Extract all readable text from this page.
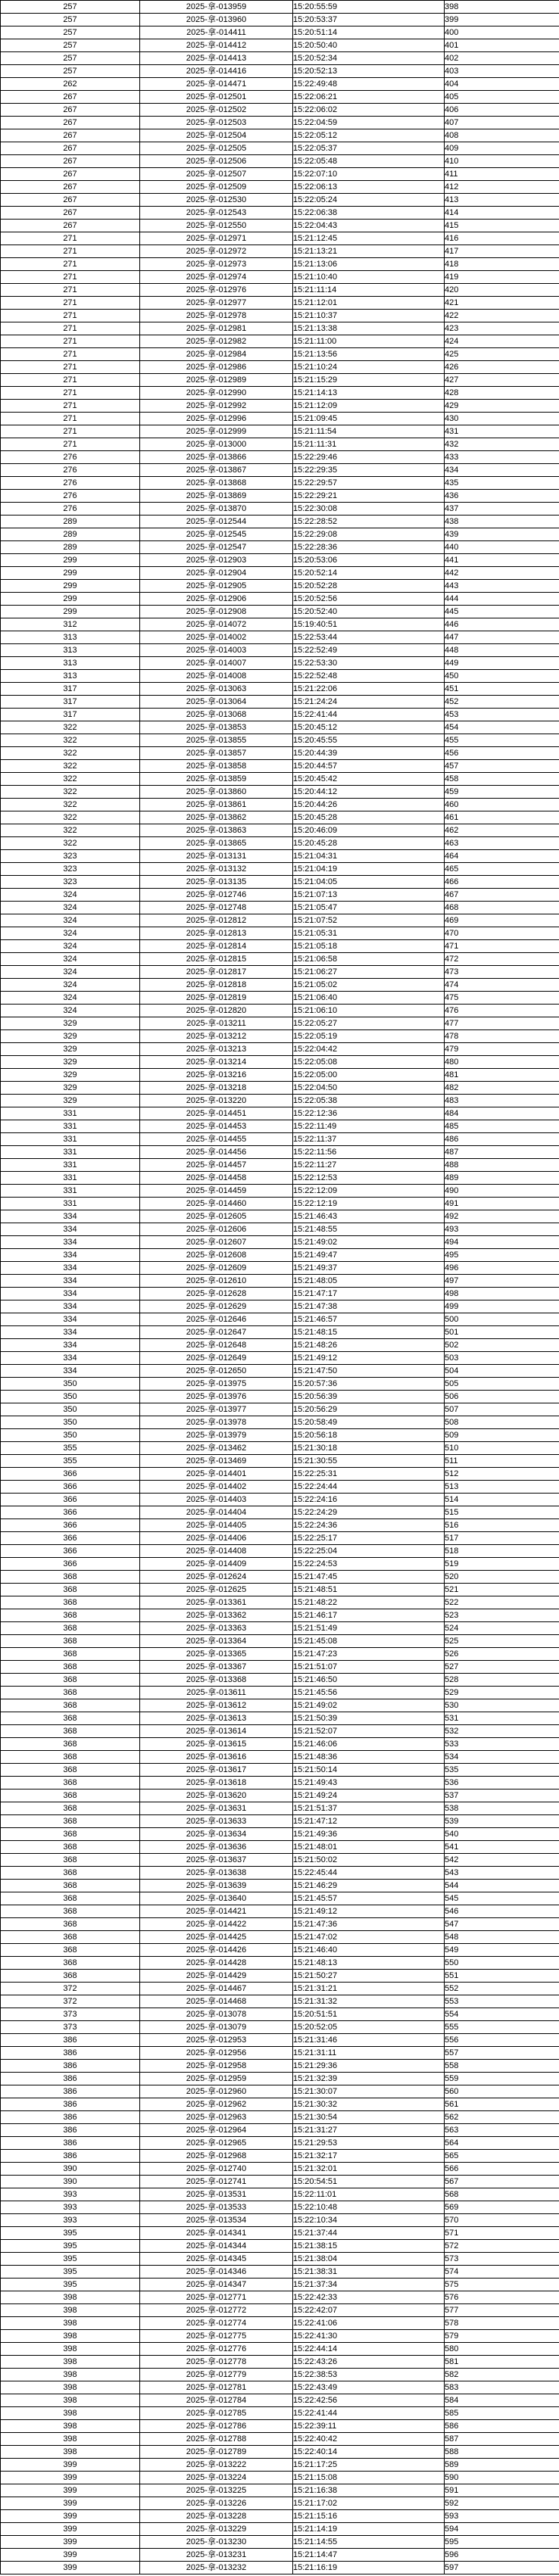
257	2025-拿-013959	15:20:55:59	398
257	2025-拿-013960	15:20:53:37	399
257	2025-拿-014411	15:20:51:14	400
257	2025-拿-014412	15:20:50:40	401
257	2025-拿-014413	15:20:52:34	402
257	2025-拿-014416	15:20:52:13	403
262	2025-拿-014471	15:22:49:48	404
267	2025-拿-012501	15:22:06:21	405
267	2025-拿-012502	15:22:06:02	406
267	2025-拿-012503	15:22:04:59	407
267	2025-拿-012504	15:22:05:12	408
267	2025-拿-012505	15:22:05:37	409
267	2025-拿-012506	15:22:05:48	410
267	2025-拿-012507	15:22:07:10	411
267	2025-拿-012509	15:22:06:13	412
267	2025-拿-012530	15:22:05:24	413
267	2025-拿-012543	15:22:06:38	414
267	2025-拿-012550	15:22:04:43	415
271	2025-拿-012971	15:21:12:45	416
271	2025-拿-012972	15:21:13:21	417
271	2025-拿-012973	15:21:13:06	418
271	2025-拿-012974	15:21:10:40	419
271	2025-拿-012976	15:21:11:14	420
271	2025-拿-012977	15:21:12:01	421
271	2025-拿-012978	15:21:10:37	422
271	2025-拿-012981	15:21:13:38	423
271	2025-拿-012982	15:21:11:00	424
271	2025-拿-012984	15:21:13:56	425
271	2025-拿-012986	15:21:10:24	426
271	2025-拿-012989	15:21:15:29	427
271	2025-拿-012990	15:21:14:13	428
271	2025-拿-012992	15:21:12:09	429
271	2025-拿-012996	15:21:09:45	430
271	2025-拿-012999	15:21:11:54	431
271	2025-拿-013000	15:21:11:31	432
276	2025-拿-013866	15:22:29:46	433
276	2025-拿-013867	15:22:29:35	434
276	2025-拿-013868	15:22:29:57	435
276	2025-拿-013869	15:22:29:21	436
276	2025-拿-013870	15:22:30:08	437
289	2025-拿-012544	15:22:28:52	438
289	2025-拿-012545	15:22:29:08	439
289	2025-拿-012547	15:22:28:36	440
299	2025-拿-012903	15:20:53:06	441
299	2025-拿-012904	15:20:52:14	442
299	2025-拿-012905	15:20:52:28	443
299	2025-拿-012906	15:20:52:56	444
299	2025-拿-012908	15:20:52:40	445
312	2025-拿-014072	15:19:40:51	446
313	2025-拿-014002	15:22:53:44	447
313	2025-拿-014003	15:22:52:49	448
313	2025-拿-014007	15:22:53:30	449
313	2025-拿-014008	15:22:52:48	450
317	2025-拿-013063	15:21:22:06	451
317	2025-拿-013064	15:21:24:24	452
317	2025-拿-013068	15:22:41:44	453
322	2025-拿-013853	15:20:45:12	454
322	2025-拿-013855	15:20:45:55	455
322	2025-拿-013857	15:20:44:39	456
322	2025-拿-013858	15:20:44:57	457
322	2025-拿-013859	15:20:45:42	458
322	2025-拿-013860	15:20:44:12	459
322	2025-拿-013861	15:20:44:26	460
322	2025-拿-013862	15:20:45:28	461
322	2025-拿-013863	15:20:46:09	462
322	2025-拿-013865	15:20:45:28	463
323	2025-拿-013131	15:21:04:31	464
323	2025-拿-013132	15:21:04:19	465
323	2025-拿-013135	15:21:04:05	466
324	2025-拿-012746	15:21:07:13	467
324	2025-拿-012748	15:21:05:47	468
324	2025-拿-012812	15:21:07:52	469
324	2025-拿-012813	15:21:05:31	470
324	2025-拿-012814	15:21:05:18	471
324	2025-拿-012815	15:21:06:58	472
324	2025-拿-012817	15:21:06:27	473
324	2025-拿-012818	15:21:05:02	474
324	2025-拿-012819	15:21:06:40	475
324	2025-拿-012820	15:21:06:10	476
329	2025-拿-013211	15:22:05:27	477
329	2025-拿-013212	15:22:05:19	478
329	2025-拿-013213	15:22:04:42	479
329	2025-拿-013214	15:22:05:08	480
329	2025-拿-013216	15:22:05:00	481
329	2025-拿-013218	15:22:04:50	482
329	2025-拿-013220	15:22:05:38	483
331	2025-拿-014451	15:22:12:36	484
331	2025-拿-014453	15:22:11:49	485
331	2025-拿-014455	15:22:11:37	486
331	2025-拿-014456	15:22:11:56	487
331	2025-拿-014457	15:22:11:27	488
331	2025-拿-014458	15:22:12:53	489
331	2025-拿-014459	15:22:12:09	490
331	2025-拿-014460	15:22:12:19	491
334	2025-拿-012605	15:21:46:43	492
334	2025-拿-012606	15:21:48:55	493
334	2025-拿-012607	15:21:49:02	494
334	2025-拿-012608	15:21:49:47	495
334	2025-拿-012609	15:21:49:37	496
334	2025-拿-012610	15:21:48:05	497
334	2025-拿-012628	15:21:47:17	498
334	2025-拿-012629	15:21:47:38	499
334	2025-拿-012646	15:21:46:57	500
334	2025-拿-012647	15:21:48:15	501
334	2025-拿-012648	15:21:48:26	502
334	2025-拿-012649	15:21:49:12	503
334	2025-拿-012650	15:21:47:50	504
350	2025-拿-013975	15:20:57:36	505
350	2025-拿-013976	15:20:56:39	506
350	2025-拿-013977	15:20:56:29	507
350	2025-拿-013978	15:20:58:49	508
350	2025-拿-013979	15:20:56:18	509
355	2025-拿-013462	15:21:30:18	510
355	2025-拿-013469	15:21:30:55	511
366	2025-拿-014401	15:22:25:31	512
366	2025-拿-014402	15:22:24:44	513
366	2025-拿-014403	15:22:24:16	514
366	2025-拿-014404	15:22:24:29	515
366	2025-拿-014405	15:22:24:36	516
366	2025-拿-014406	15:22:25:17	517
366	2025-拿-014408	15:22:25:04	518
366	2025-拿-014409	15:22:24:53	519
368	2025-拿-012624	15:21:47:45	520
368	2025-拿-012625	15:21:48:51	521
368	2025-拿-013361	15:21:48:22	522
368	2025-拿-013362	15:21:46:17	523
368	2025-拿-013363	15:21:51:49	524
368	2025-拿-013364	15:21:45:08	525
368	2025-拿-013365	15:21:47:23	526
368	2025-拿-013367	15:21:51:07	527
368	2025-拿-013368	15:21:46:50	528
368	2025-拿-013611	15:21:45:56	529
368	2025-拿-013612	15:21:49:02	530
368	2025-拿-013613	15:21:50:39	531
368	2025-拿-013614	15:21:52:07	532
368	2025-拿-013615	15:21:46:06	533
368	2025-拿-013616	15:21:48:36	534
368	2025-拿-013617	15:21:50:14	535
368	2025-拿-013618	15:21:49:43	536
368	2025-拿-013620	15:21:49:24	537
368	2025-拿-013631	15:21:51:37	538
368	2025-拿-013633	15:21:47:12	539
368	2025-拿-013634	15:21:49:36	540
368	2025-拿-013636	15:21:48:01	541
368	2025-拿-013637	15:21:50:02	542
368	2025-拿-013638	15:22:45:44	543
368	2025-拿-013639	15:21:46:29	544
368	2025-拿-013640	15:21:45:57	545
368	2025-拿-014421	15:21:49:12	546
368	2025-拿-014422	15:21:47:36	547
368	2025-拿-014425	15:21:47:02	548
368	2025-拿-014426	15:21:46:40	549
368	2025-拿-014428	15:21:48:13	550
368	2025-拿-014429	15:21:50:27	551
372	2025-拿-014467	15:21:31:21	552
372	2025-拿-014468	15:21:31:32	553
373	2025-拿-013078	15:20:51:51	554
373	2025-拿-013079	15:20:52:05	555
386	2025-拿-012953	15:21:31:46	556
386	2025-拿-012956	15:21:31:11	557
386	2025-拿-012958	15:21:29:36	558
386	2025-拿-012959	15:21:32:39	559
386	2025-拿-012960	15:21:30:07	560
386	2025-拿-012962	15:21:30:32	561
386	2025-拿-012963	15:21:30:54	562
386	2025-拿-012964	15:21:31:27	563
386	2025-拿-012965	15:21:29:53	564
386	2025-拿-012968	15:21:32:17	565
390	2025-拿-012740	15:21:32:01	566
390	2025-拿-012741	15:20:54:51	567
393	2025-拿-013531	15:22:11:01	568
393	2025-拿-013533	15:22:10:48	569
393	2025-拿-013534	15:22:10:34	570
395	2025-拿-014341	15:21:37:44	571
395	2025-拿-014344	15:21:38:15	572
395	2025-拿-014345	15:21:38:04	573
395	2025-拿-014346	15:21:38:31	574
395	2025-拿-014347	15:21:37:34	575
398	2025-拿-012771	15:22:42:33	576
398	2025-拿-012772	15:22:42:07	577
398	2025-拿-012774	15:22:41:06	578
398	2025-拿-012775	15:22:41:30	579
398	2025-拿-012776	15:22:44:14	580
398	2025-拿-012778	15:22:43:26	581
398	2025-拿-012779	15:22:38:53	582
398	2025-拿-012781	15:22:43:49	583
398	2025-拿-012784	15:22:42:56	584
398	2025-拿-012785	15:22:41:44	585
398	2025-拿-012786	15:22:39:11	586
398	2025-拿-012788	15:22:40:42	587
398	2025-拿-012789	15:22:40:14	588
399	2025-拿-013222	15:21:17:25	589
399	2025-拿-013224	15:21:15:08	590
399	2025-拿-013225	15:21:16:38	591
399	2025-拿-013226	15:21:17:02	592
399	2025-拿-013228	15:21:15:16	593
399	2025-拿-013229	15:21:14:19	594
399	2025-拿-013230	15:21:14:55	595
399	2025-拿-013231	15:21:14:47	596
399	2025-拿-013232	15:21:16:19	597
